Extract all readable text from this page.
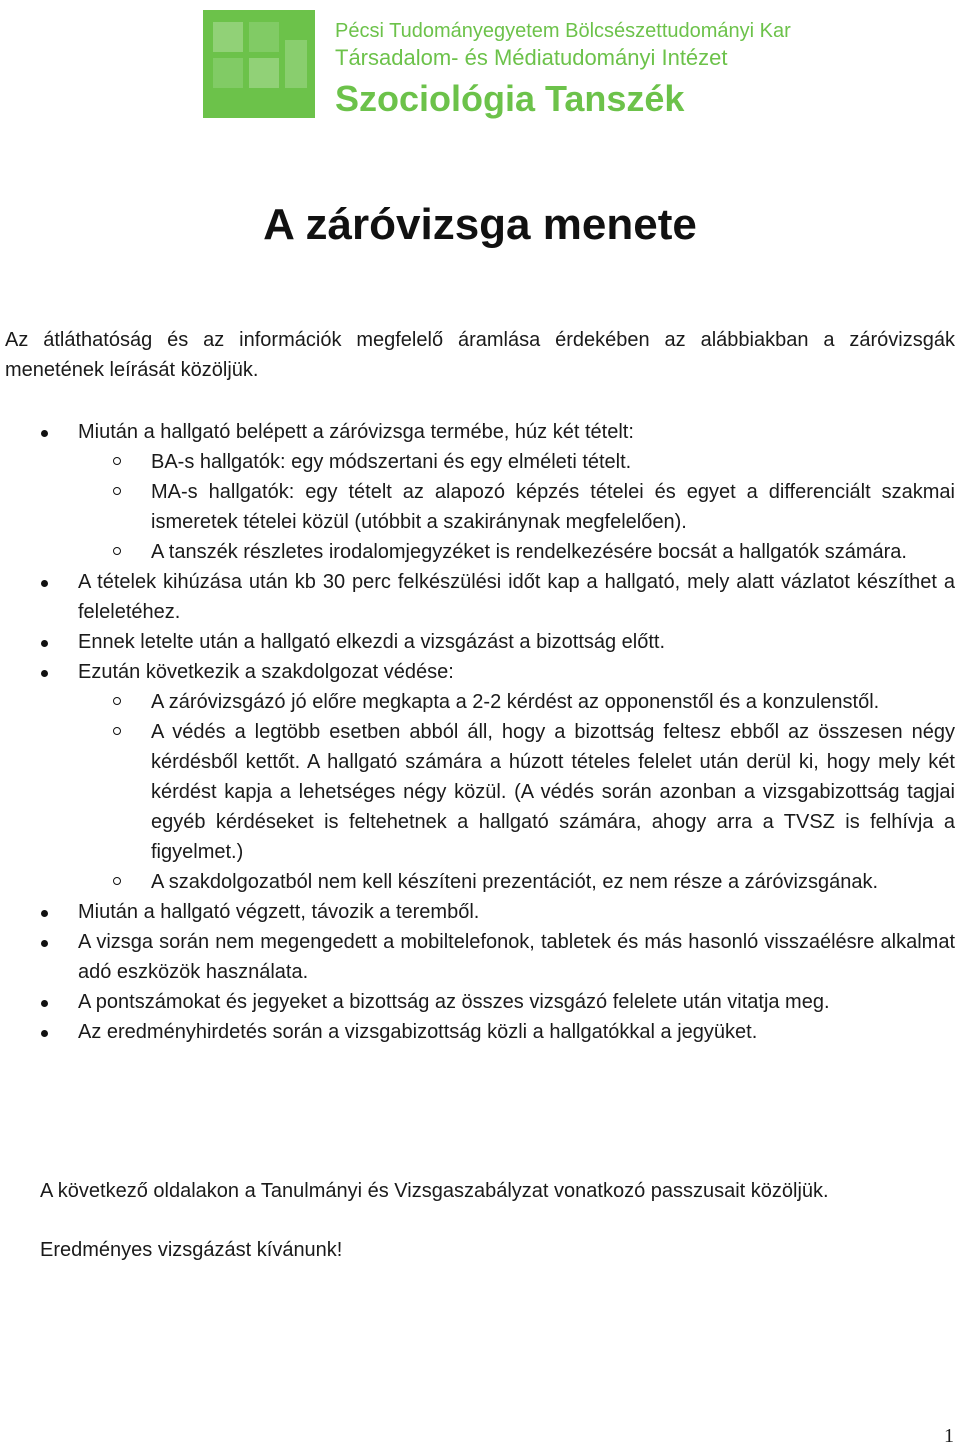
Pécsi Tudományegyetem Bölcsészettudományi Kar
Társadalom- és Médiatudományi Intézet
Szociológia Tanszék
A záróvizsga menete
Az átláthatóság és az információk megfelelő áramlása érdekében az alábbiakban a záróvizsgák menetének leírását közöljük.
Miután a hallgató belépett a záróvizsga termébe, húz két tételt:
BA-s hallgatók: egy módszertani és egy elméleti tételt.
MA-s hallgatók: egy tételt az alapozó képzés tételei és egyet a differenciált szakmai ismeretek tételei közül (utóbbit a szakiránynak megfelelően).
A tanszék részletes irodalomjegyzéket is rendelkezésére bocsát a hallgatók számára.
A tételek kihúzása után kb 30 perc felkészülési időt kap a hallgató, mely alatt vázlatot készíthet a feleletéhez.
Ennek letelte után a hallgató elkezdi a vizsgázást a bizottság előtt.
Ezután következik a szakdolgozat védése:
A záróvizsgázó jó előre megkapta a 2-2 kérdést az opponenstől és a konzulenstől.
A védés a legtöbb esetben abból áll, hogy a bizottság feltesz ebből az összesen négy kérdésből kettőt. A hallgató számára a húzott tételes felelet után derül ki, hogy mely két kérdést kapja a lehetséges négy közül. (A védés során azonban a vizsgabizottság tagjai egyéb kérdéseket is feltehetnek a hallgató számára, ahogy arra a TVSZ is felhívja a figyelmet.)
A szakdolgozatból nem kell készíteni prezentációt, ez nem része a záróvizsgának.
Miután a hallgató végzett, távozik a teremből.
A vizsga során nem megengedett a mobiltelefonok, tabletek és más hasonló visszaélésre alkalmat adó eszközök használata.
A pontszámokat és jegyeket a bizottság az összes vizsgázó felelete után vitatja meg.
Az eredményhirdetés során a vizsgabizottság közli a hallgatókkal a jegyüket.
A következő oldalakon a Tanulmányi és Vizsgaszabályzat vonatkozó passzusait közöljük.
Eredményes vizsgázást kívánunk!
1
